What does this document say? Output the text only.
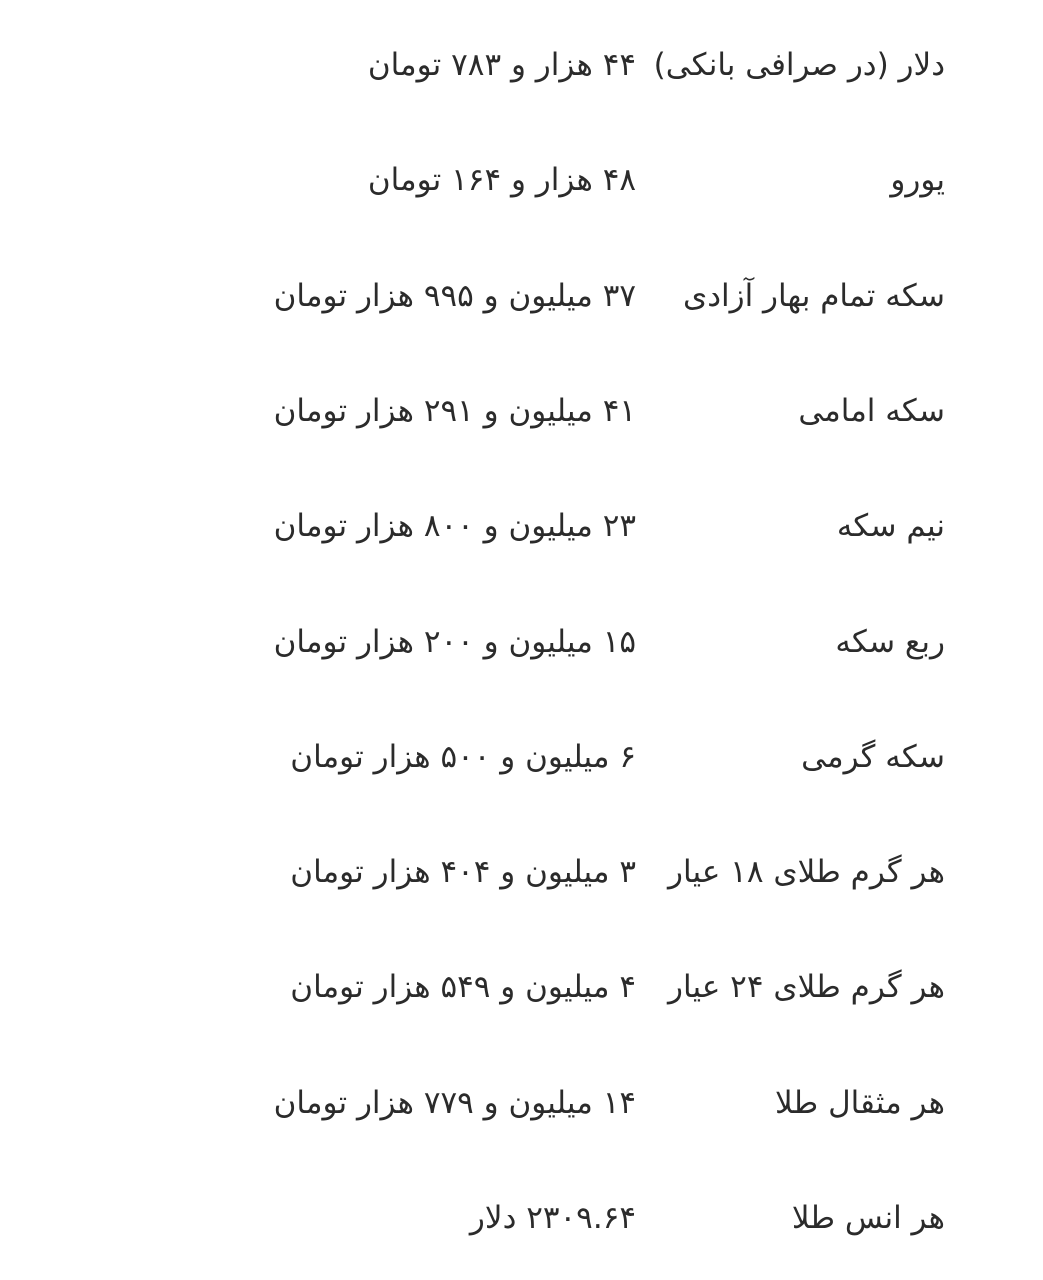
دلار (در صرافی بانکی)
۴۴ هزار و ۷۸۳ تومان
یورو
۴۸ هزار و ۱۶۴ تومان
سکه تمام بهار آزادی
۳۷ میلیون و ۹۹۵ هزار تومان
سکه امامی
۴۱ میلیون و ۲۹۱ هزار تومان
نیم سکه
۲۳ میلیون و ۸۰۰ هزار تومان
ربع سکه
۱۵ میلیون و ۲۰۰ هزار تومان
سکه گرمی
۶ میلیون و ۵۰۰ هزار تومان
هر گرم طلای ۱۸ عیار
۳ میلیون و ۴۰۴ هزار تومان
هر گرم طلای ۲۴ عیار
۴ میلیون و ۵۴۹ هزار تومان
هر مثقال طلا
۱۴ میلیون و ۷۷۹ هزار تومان
هر انس طلا
۲۳۰۹.۶۴ دلار
